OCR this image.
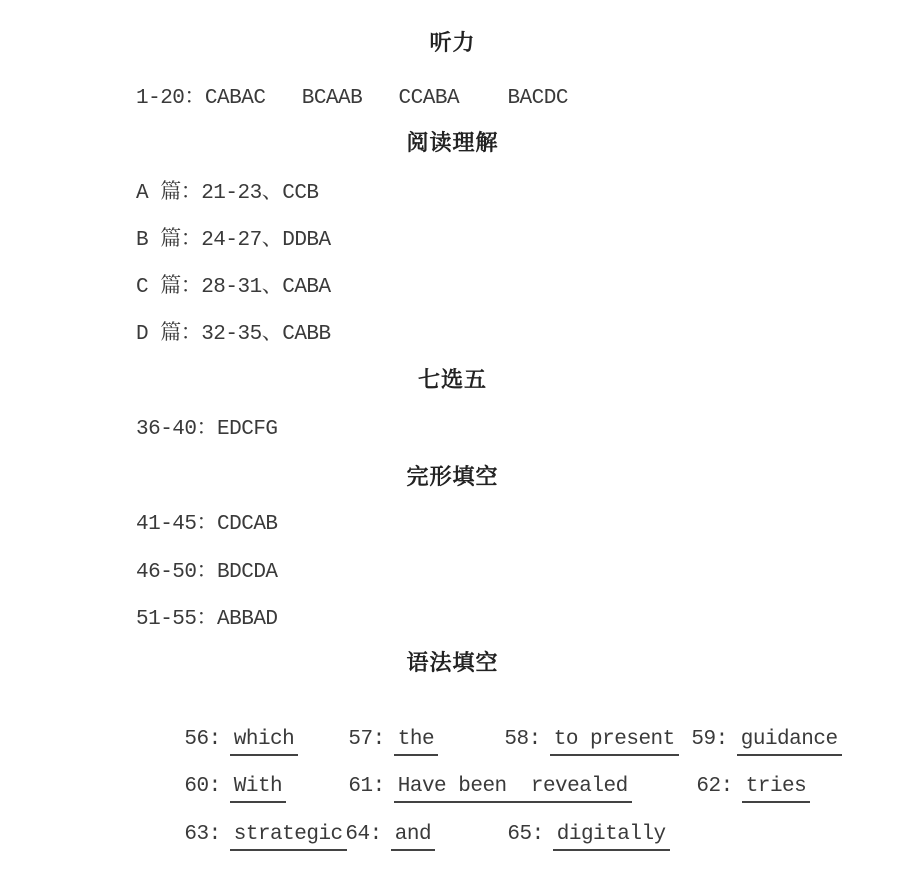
听力
1-20：CABAC   BCAAB   CCABA    BACDC
阅读理解
A 篇：21-23、CCB
B 篇：24-27、DDBA
C 篇：28-31、CABA
D 篇：32-35、CABB
七选五
36-40：EDCFG
完形填空
41-45：CDCAB
46-50：BDCDA
51-55：ABBAD
语法填空

56: which
	57: the
	58: to present
59: guidance

60: With
	61: Have been  revealed
	62: tries

63: strategic
64: and
	65: digitally
